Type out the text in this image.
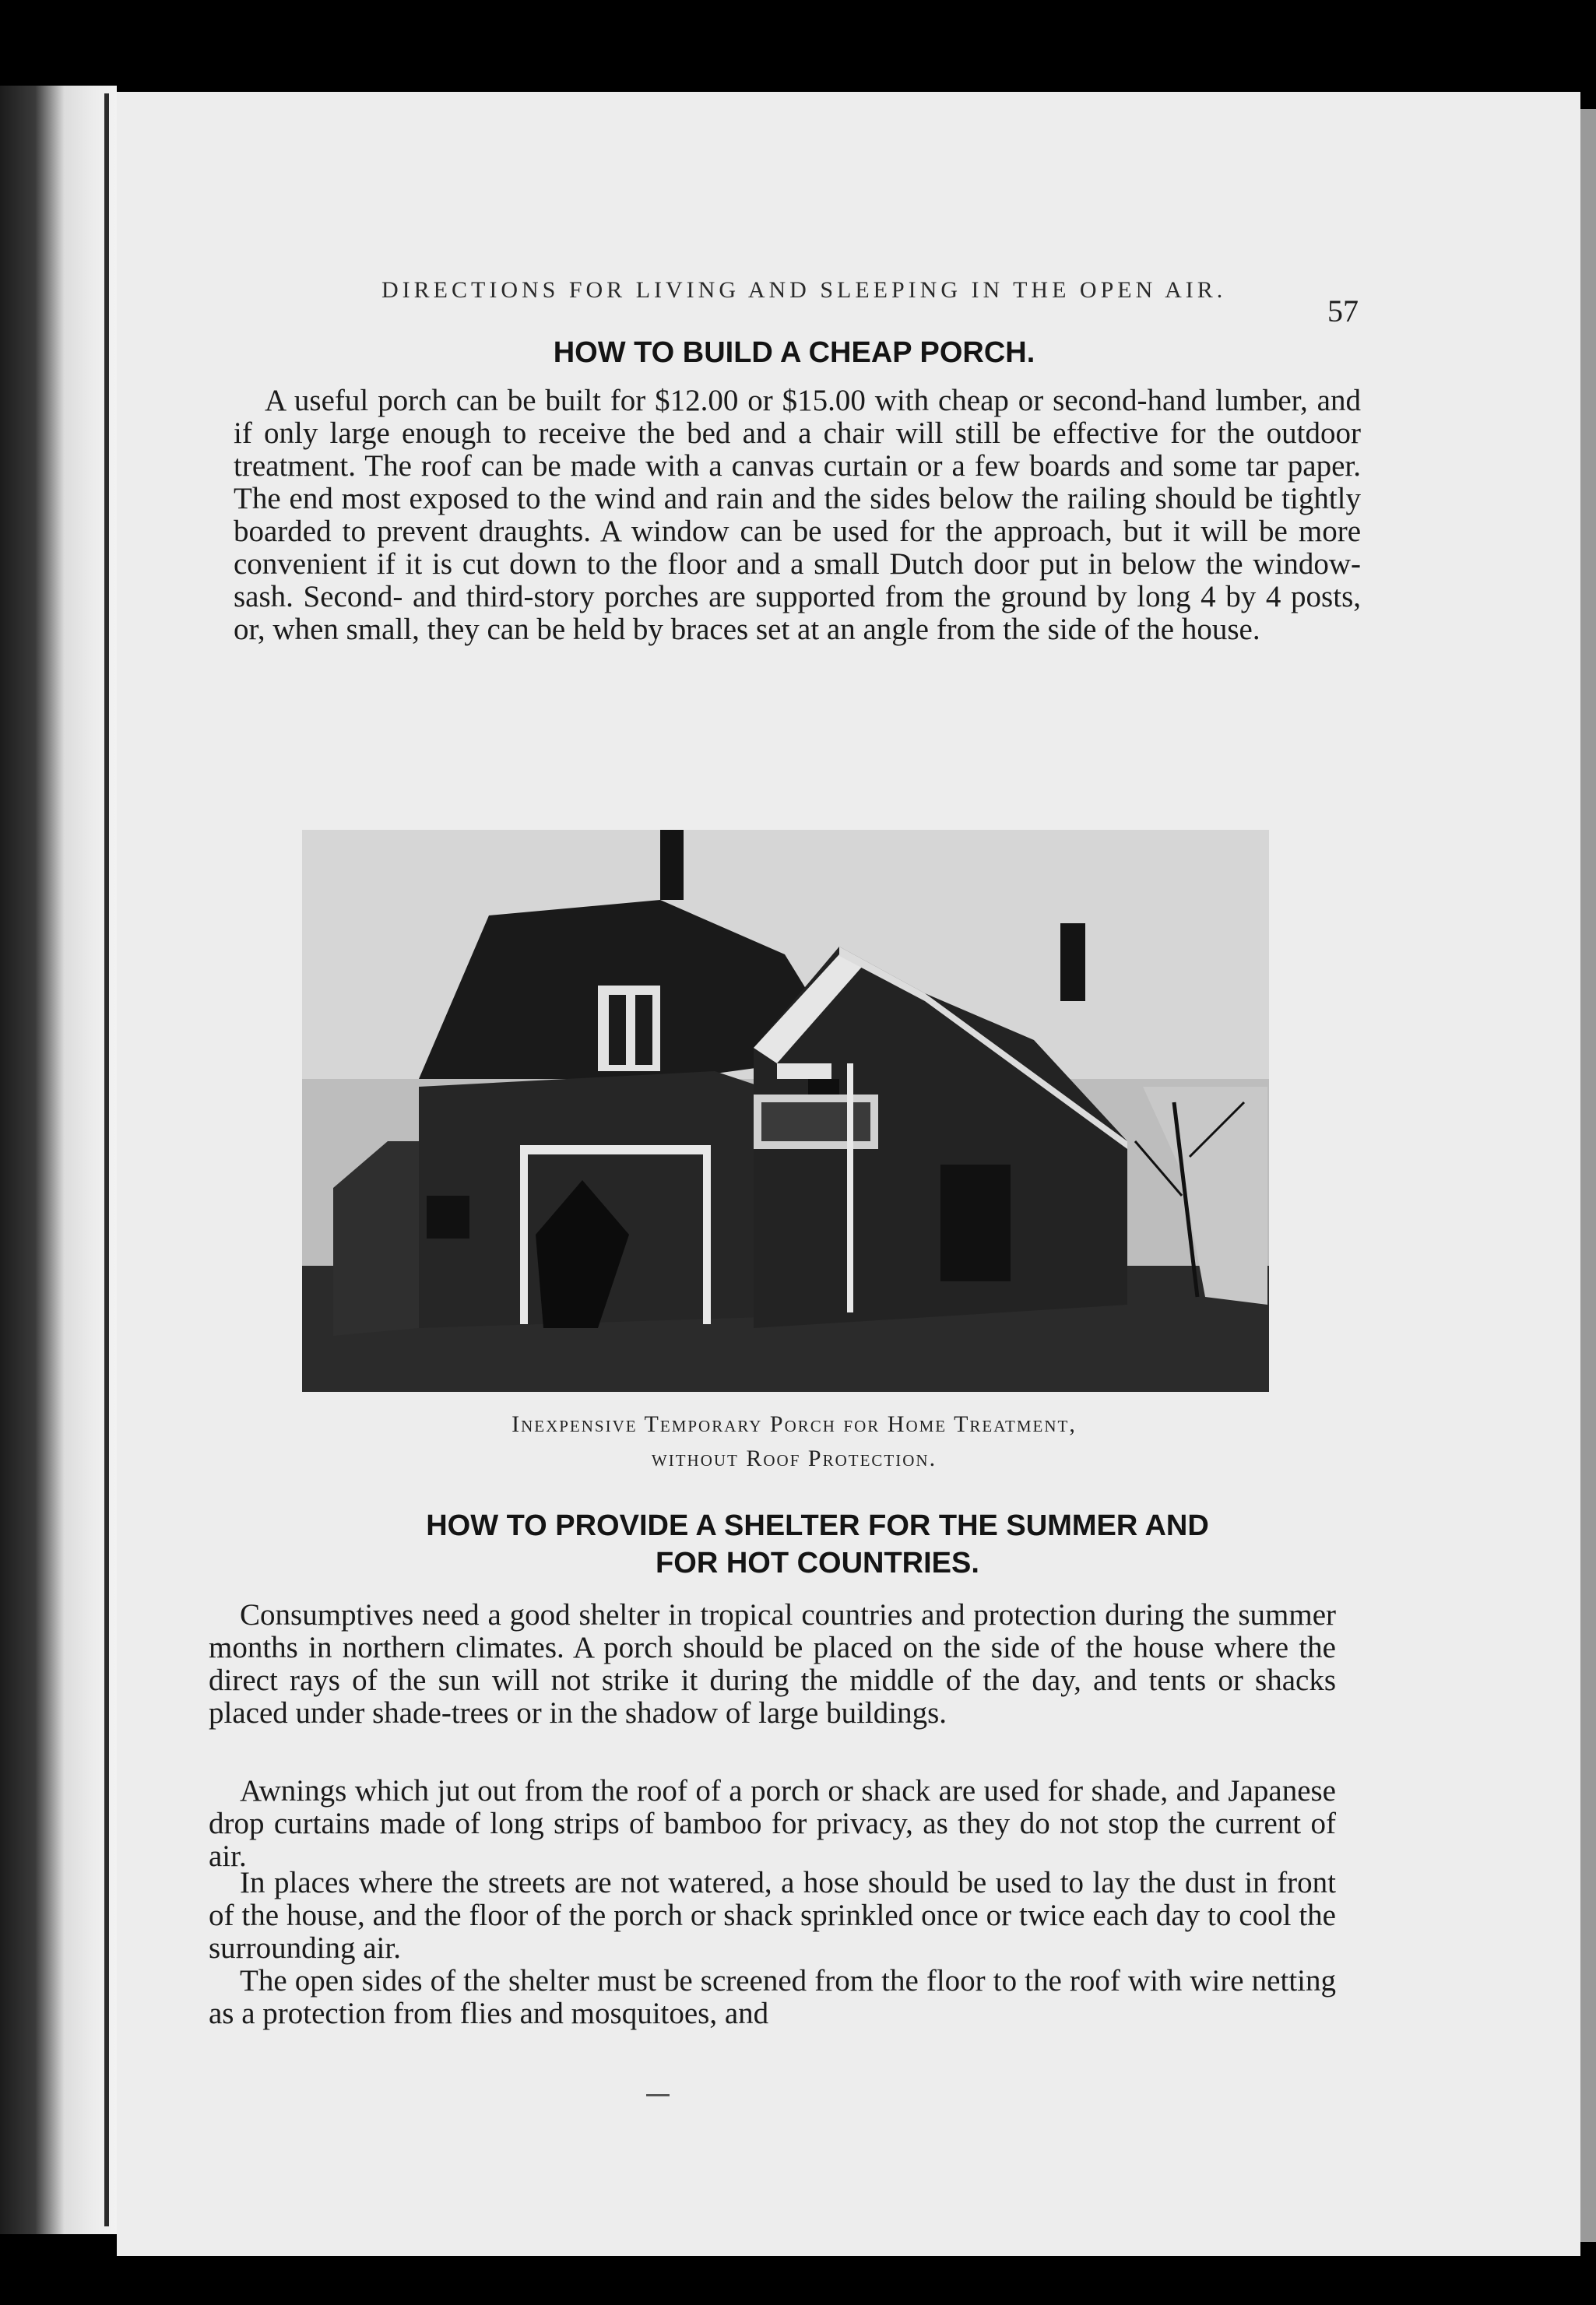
DIRECTIONS FOR LIVING AND SLEEPING IN THE OPEN AIR.
57
HOW TO BUILD A CHEAP PORCH.

A useful porch can be built for $12.00 or $15.00 with cheap or second-hand lumber, and if only large enough to receive the bed and a chair will still be effective for the outdoor treatment. The roof can be made with a canvas curtain or a few boards and some tar paper. The end most exposed to the wind and rain and the sides below the railing should be tightly boarded to prevent draughts. A window can be used for the approach, but it will be more convenient if it is cut down to the floor and a small Dutch door put in below the window-sash. Second- and third-story porches are supported from the ground by long 4 by 4 posts, or, when small, they can be held by braces set at an angle from the side of the house.

Inexpensive Temporary Porch for Home Treatment,
without Roof Protection.
HOW TO PROVIDE A SHELTER FOR THE SUMMER AND
FOR HOT COUNTRIES.

Consumptives need a good shelter in tropical countries and protection during the summer months in northern climates. A porch should be placed on the side of the house where the direct rays of the sun will not strike it during the middle of the day, and tents or shacks placed under shade-trees or in the shadow of large buildings.

Awnings which jut out from the roof of a porch or shack are used for shade, and Japanese drop curtains made of long strips of bamboo for privacy, as they do not stop the current of air.

In places where the streets are not watered, a hose should be used to lay the dust in front of the house, and the floor of the porch or shack sprinkled once or twice each day to cool the surrounding air.

The open sides of the shelter must be screened from the floor to the roof with wire netting as a protection from flies and mosquitoes, and
